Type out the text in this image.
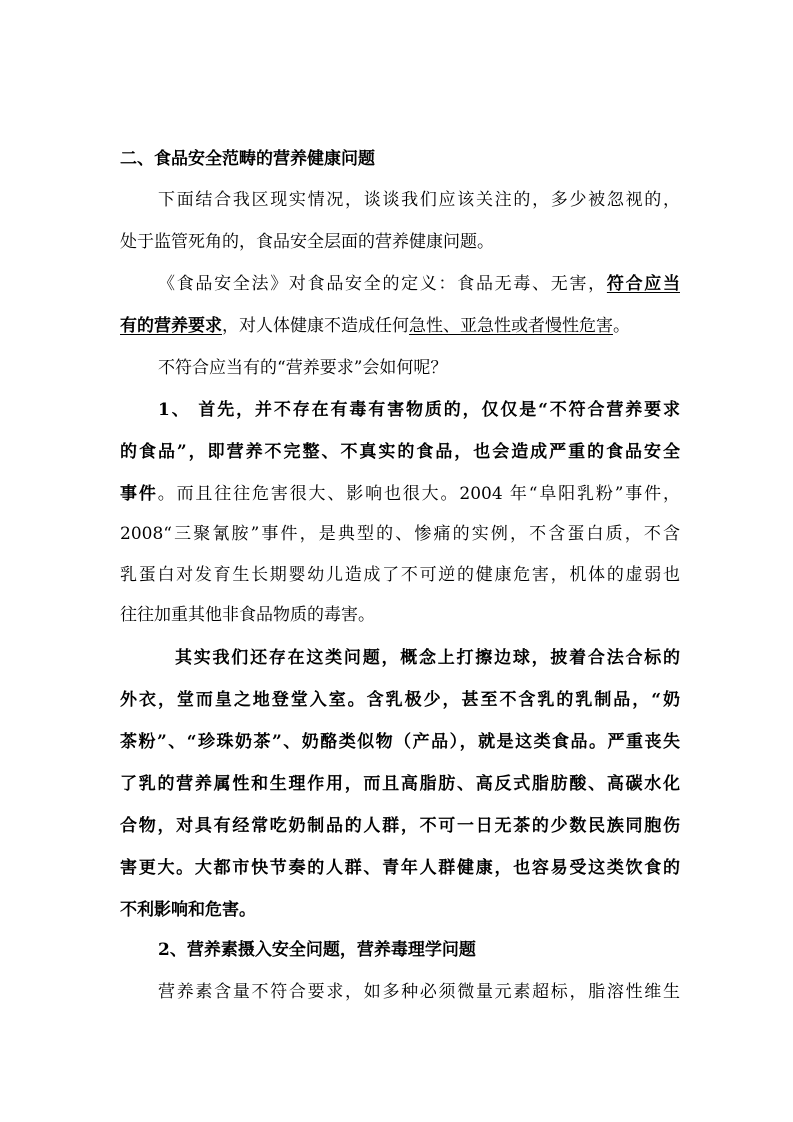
二、食品安全范畴的营养健康问题
下面结合我区现实情况，谈谈我们应该关注的，多少被忽视的，
处于监管死角的，食品安全层面的营养健康问题。
《食品安全法》对食品安全的定义：食品无毒、无害，符合应当
有的营养要求，对人体健康不造成任何急性、亚急性或者慢性危害。
不符合应当有的“营养要求”会如何呢？
1、 首先，并不存在有毒有害物质的，仅仅是“不符合营养要求
的食品”，即营养不完整、不真实的食品，也会造成严重的食品安全
事件。而且往往危害很大、影响也很大。2004 年“阜阳乳粉”事件，
2008“三聚氰胺”事件，是典型的、惨痛的实例，不含蛋白质，不含
乳蛋白对发育生长期婴幼儿造成了不可逆的健康危害，机体的虚弱也
往往加重其他非食品物质的毒害。
其实我们还存在这类问题，概念上打擦边球，披着合法合标的
外衣，堂而皇之地登堂入室。含乳极少，甚至不含乳的乳制品，“奶
茶粉”、“珍珠奶茶”、奶酪类似物（产品），就是这类食品。严重丧失
了乳的营养属性和生理作用，而且高脂肪、高反式脂肪酸、高碳水化
合物，对具有经常吃奶制品的人群，不可一日无茶的少数民族同胞伤
害更大。大都市快节奏的人群、青年人群健康，也容易受这类饮食的
不利影响和危害。
2、营养素摄入安全问题，营养毒理学问题
营养素含量不符合要求，如多种必须微量元素超标，脂溶性维生
